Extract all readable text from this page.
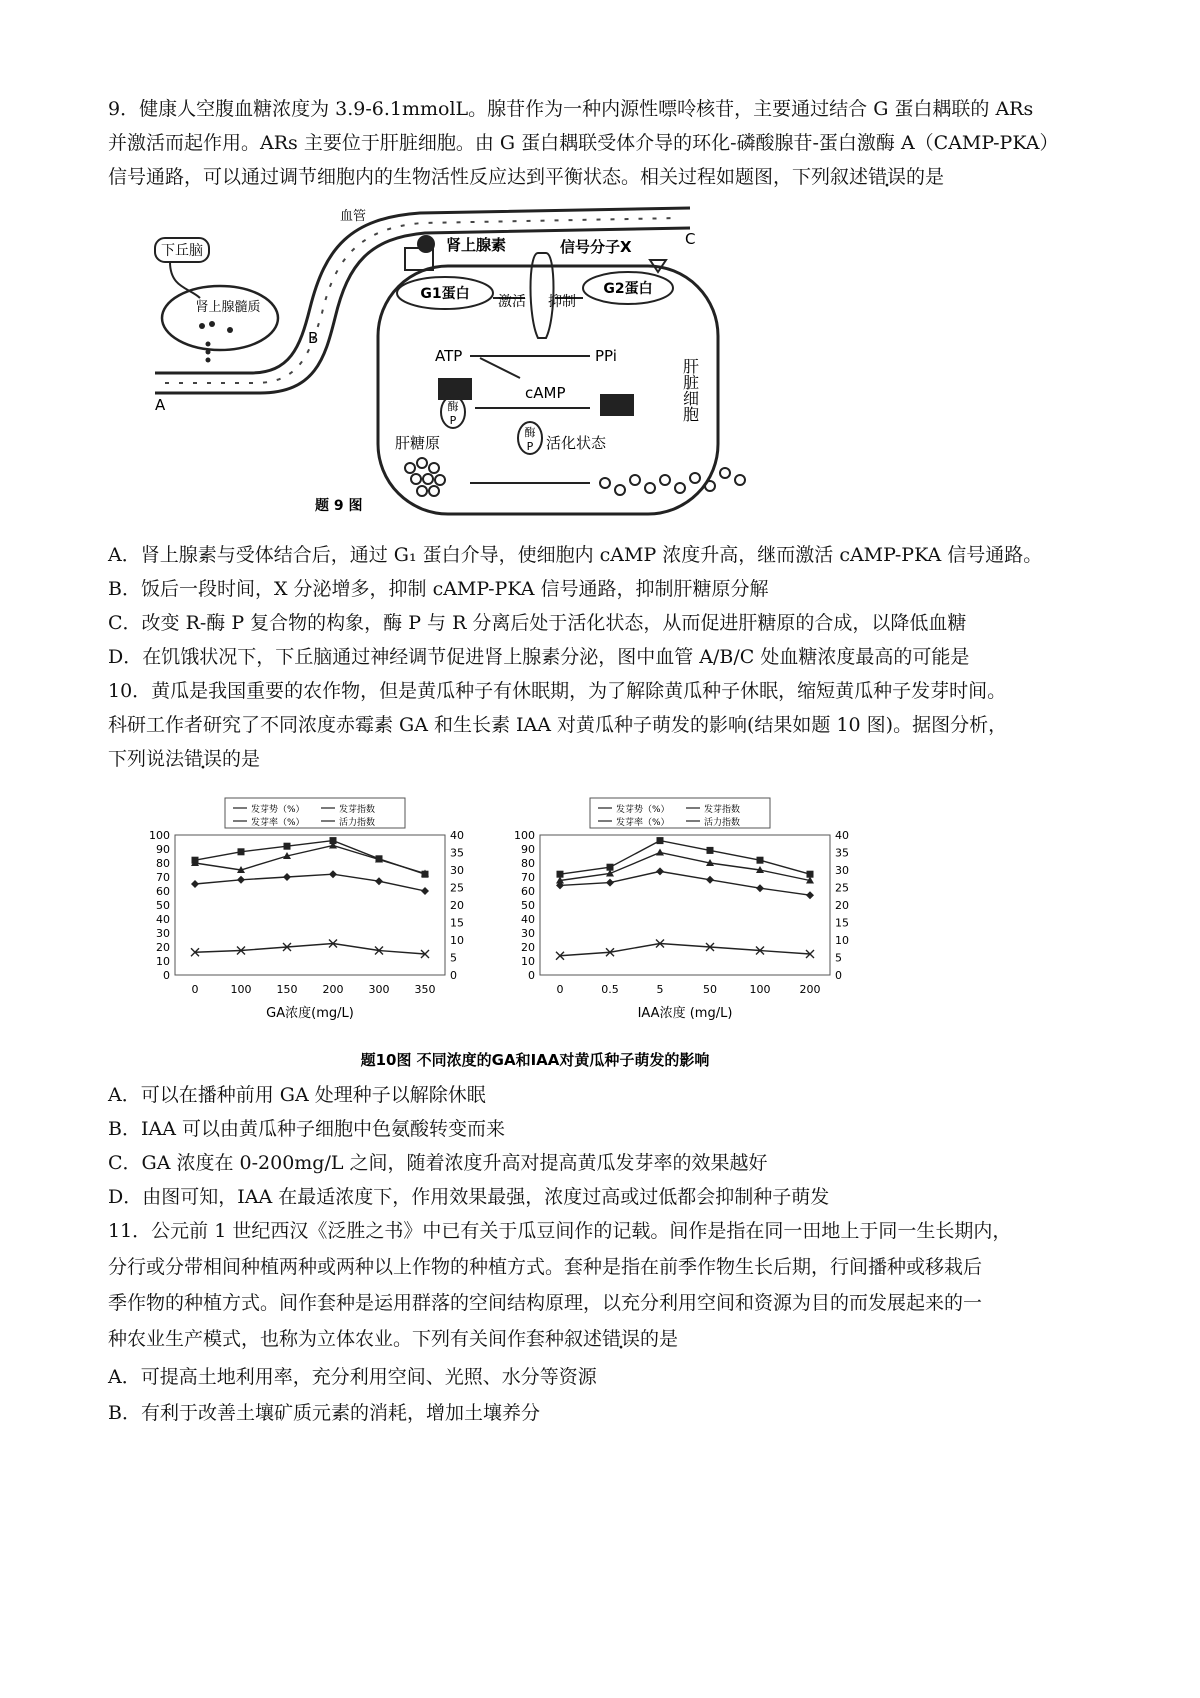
9．健康人空腹血糖浓度为 3.9-6.1mmolL。腺苷作为一种内源性嘌呤核苷，主要通过结合 G 蛋白耦联的 ARs

并激活而起作用。ARs 主要位于肝脏细胞。由 G 蛋白耦联受体介导的环化-磷酸腺苷-蛋白激酶 A（CAMP-PKA）

信号通路，可以通过调节细胞内的生物活性反应达到平衡状态。相关过程如题图，下列叙述错误的是

下丘脑
肾上腺髓质
血管
A
B
C
肾上腺素	信号分子X
G1蛋白	G2蛋白
激活 抑制
ATP	PPi
cAMP
酶
P
酶
P 活化状态
肝糖原
肝脏细胞
题 9 图

A．肾上腺素与受体结合后，通过 G₁ 蛋白介导，使细胞内 cAMP 浓度升高，继而激活 cAMP-PKA 信号通路。

B．饭后一段时间，X 分泌增多，抑制 cAMP-PKA 信号通路，抑制肝糖原分解

C．改变 R-酶 P 复合物的构象，酶 P 与 R 分离后处于活化状态，从而促进肝糖原的合成，以降低血糖

D．在饥饿状况下，下丘脑通过神经调节促进肾上腺素分泌，图中血管 A/B/C 处血糖浓度最高的可能是

10．黄瓜是我国重要的农作物，但是黄瓜种子有休眠期，为了解除黄瓜种子休眠，缩短黄瓜种子发芽时间。

科研工作者研究了不同浓度赤霉素 GA 和生长素 IAA 对黄瓜种子萌发的影响(结果如题 10 图)。据图分析，

下列说法错误的是

0
10
20
30
40
50
60
70
80
90
100
0
5
10
15
20
25
30
35
40
0	100 150 200 300 350
GA浓度(mg/L)
发芽势（%）	发芽指数
发芽率（%）	活力指数
0
10
20
30
40
50
60
70
80
90
100
0
5
10
15
20
25
30
35
40
0	0.5	5	50	100	200
IAA浓度 (mg/L)
发芽势（%）	发芽指数
发芽率（%）	活力指数
题10图 不同浓度的GA和IAA对黄瓜种子萌发的影响

A．可以在播种前用 GA 处理种子以解除休眠

B．IAA 可以由黄瓜种子细胞中色氨酸转变而来

C．GA 浓度在 0-200mg/L 之间，随着浓度升高对提高黄瓜发芽率的效果越好

D．由图可知，IAA 在最适浓度下，作用效果最强，浓度过高或过低都会抑制种子萌发

11．公元前 1 世纪西汉《泛胜之书》中已有关于瓜豆间作的记载。间作是指在同一田地上于同一生长期内，

分行或分带相间种植两种或两种以上作物的种植方式。套种是指在前季作物生长后期，行间播种或移栽后

季作物的种植方式。间作套种是运用群落的空间结构原理，以充分利用空间和资源为目的而发展起来的一

种农业生产模式，也称为立体农业。下列有关间作套种叙述错误的是

A．可提高土地利用率，充分利用空间、光照、水分等资源

B．有利于改善土壤矿质元素的消耗，增加土壤养分
